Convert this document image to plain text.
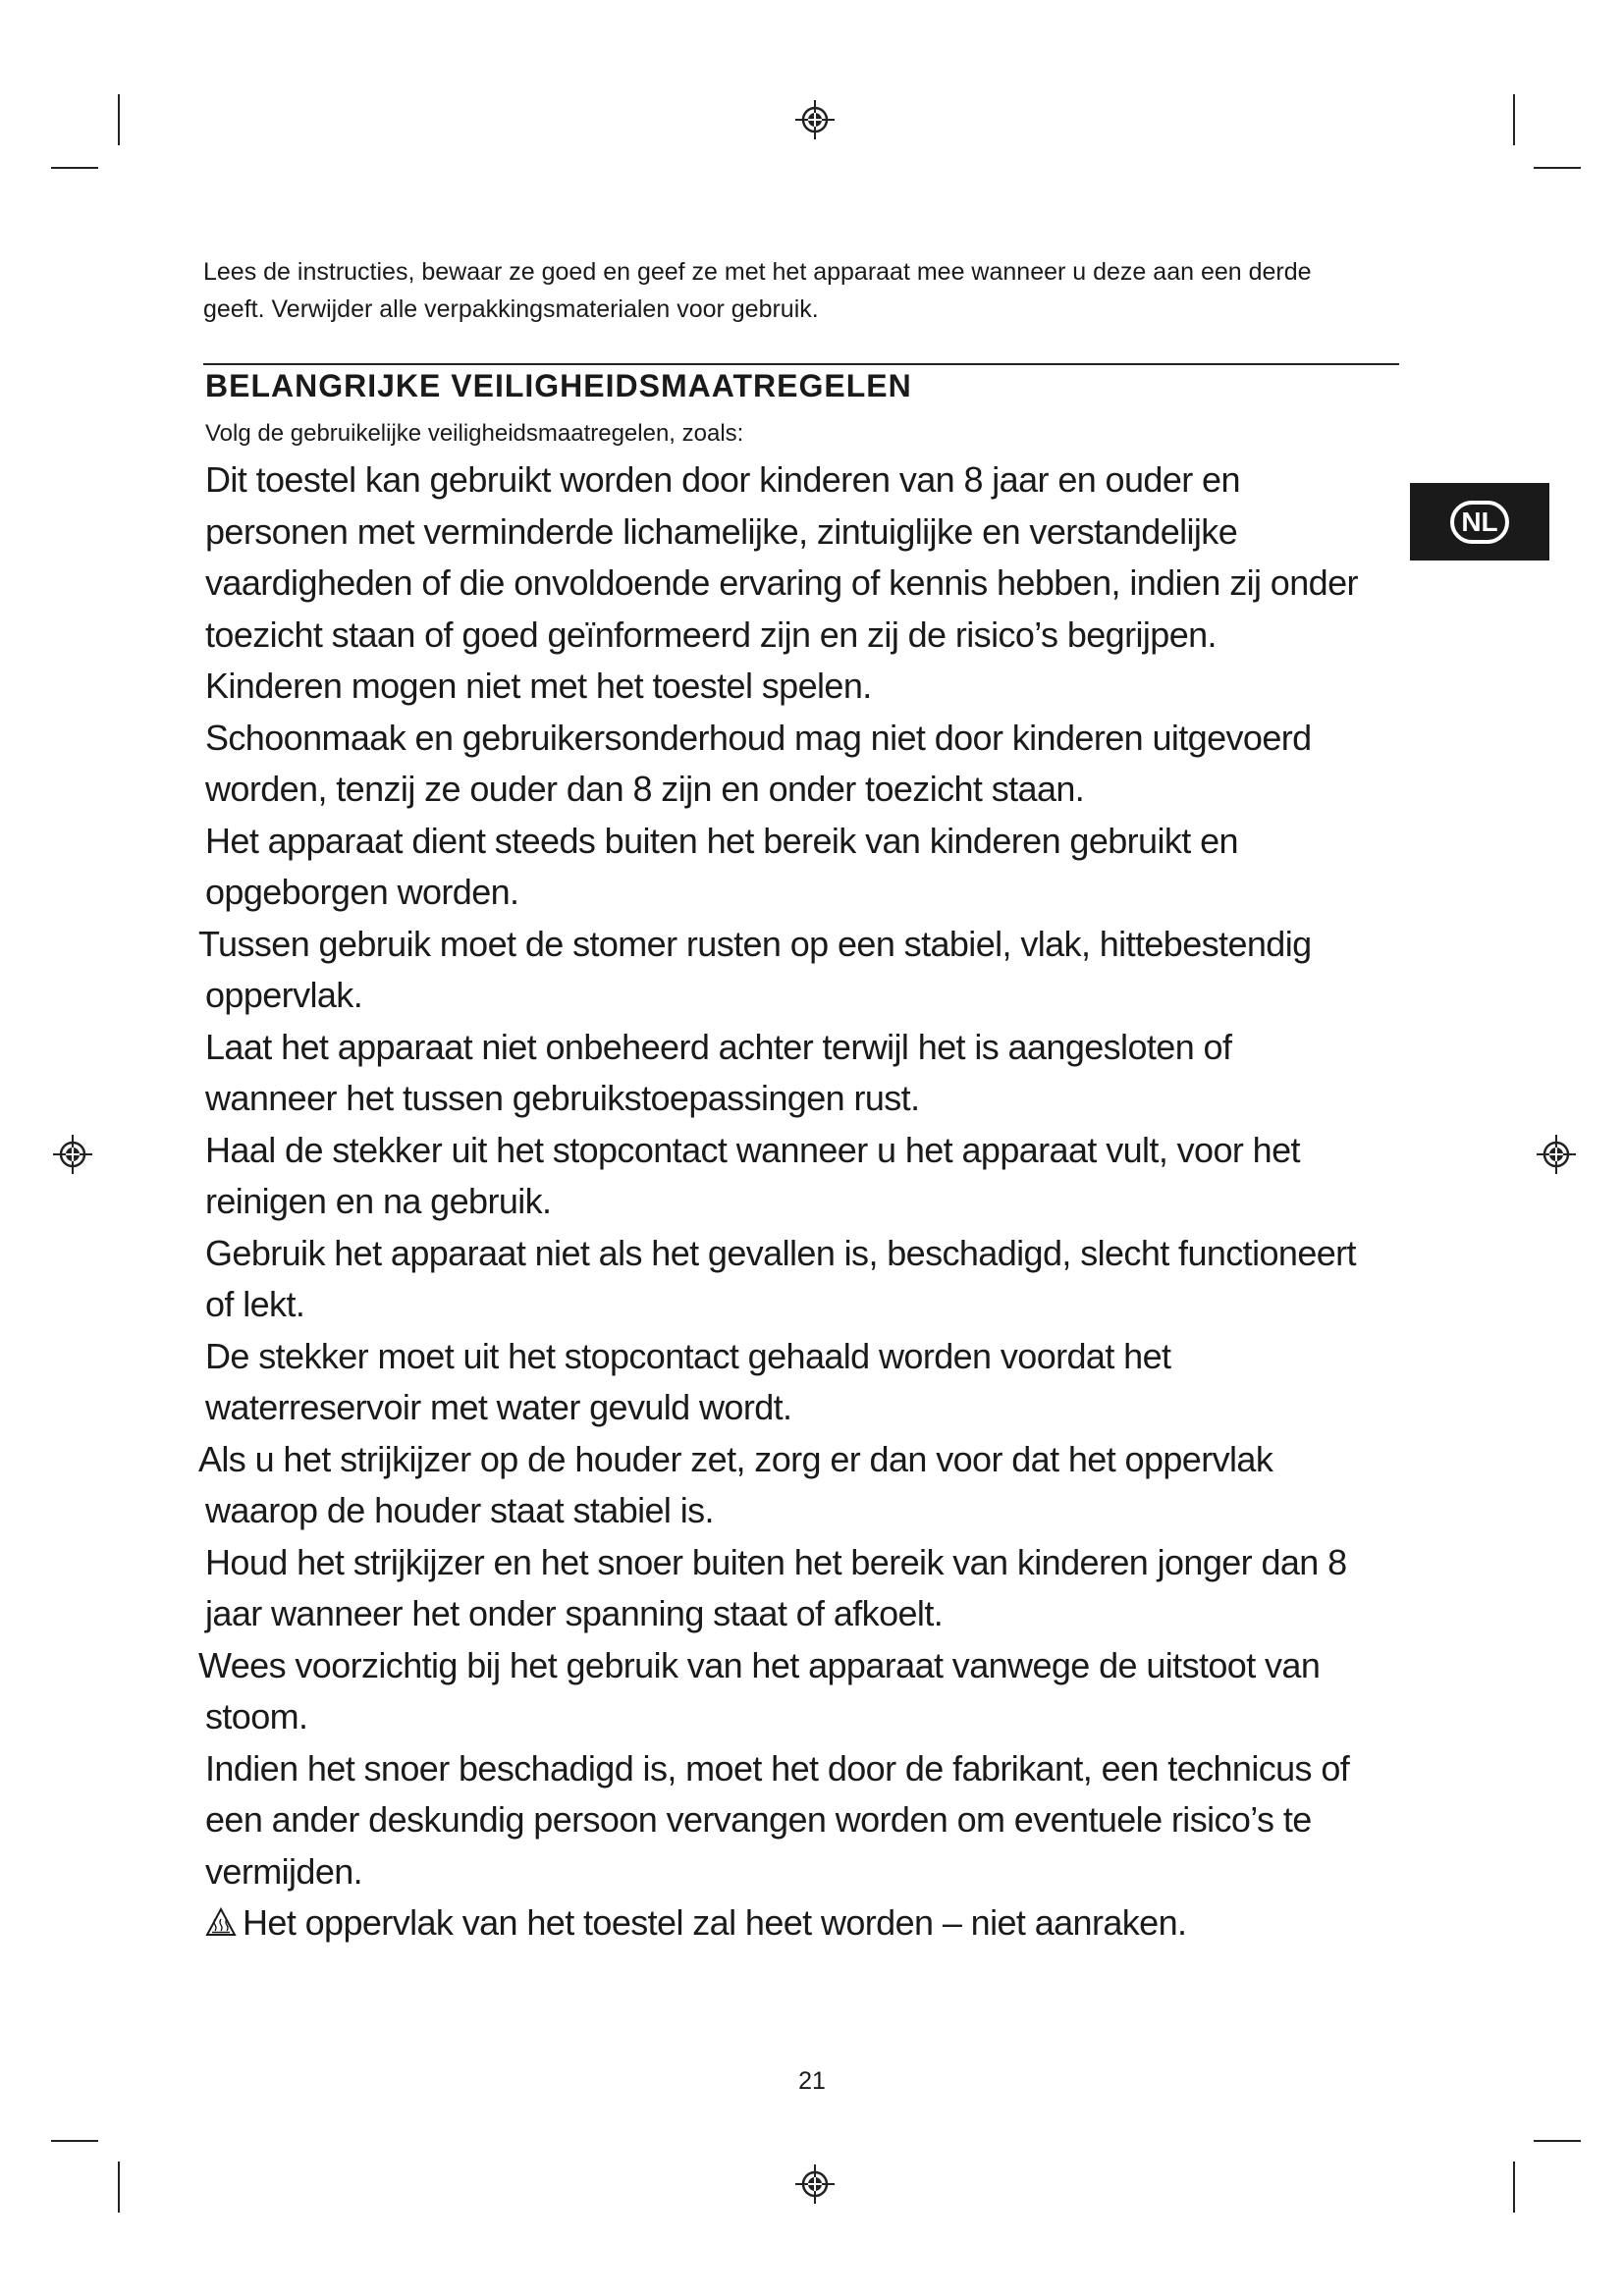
Lees de instructies, bewaar ze goed en geef ze met het apparaat mee wanneer u deze aan een derde geeft. Verwijder alle verpakkingsmaterialen voor gebruik.

BELANGRIJKE VEILIGHEIDSMAATREGELEN

Volg de gebruikelijke veiligheidsmaatregelen, zoals:

Dit toestel kan gebruikt worden door kinderen van 8 jaar en ouder en
personen met verminderde lichamelijke, zintuiglijke en verstandelijke
vaardigheden of die onvoldoende ervaring of kennis hebben, indien zij onder
toezicht staan of goed geïnformeerd zijn en zij de risico’s begrijpen.
Kinderen mogen niet met het toestel spelen.
Schoonmaak en gebruikersonderhoud mag niet door kinderen uitgevoerd
worden, tenzij ze ouder dan 8 zijn en onder toezicht staan.
Het apparaat dient steeds buiten het bereik van kinderen gebruikt en
opgeborgen worden.
Tussen gebruik moet de stomer rusten op een stabiel, vlak, hittebestendig
oppervlak.
Laat het apparaat niet onbeheerd achter terwijl het is aangesloten of
wanneer het tussen gebruikstoepassingen rust.
Haal de stekker uit het stopcontact wanneer u het apparaat vult, voor het
reinigen en na gebruik.
Gebruik het apparaat niet als het gevallen is, beschadigd, slecht functioneert
of lekt.
De stekker moet uit het stopcontact gehaald worden voordat het
waterreservoir met water gevuld wordt.
Als u het strijkijzer op de houder zet, zorg er dan voor dat het oppervlak
waarop de houder staat stabiel is.
Houd het strijkijzer en het snoer buiten het bereik van kinderen jonger dan 8
jaar wanneer het onder spanning staat of afkoelt.
Wees voorzichtig bij het gebruik van het apparaat vanwege de uitstoot van
stoom.
Indien het snoer beschadigd is, moet het door de fabrikant, een technicus of
een ander deskundig persoon vervangen worden om eventuele risico’s te
vermijden.
Het oppervlak van het toestel zal heet worden – niet aanraken.
NL

21
